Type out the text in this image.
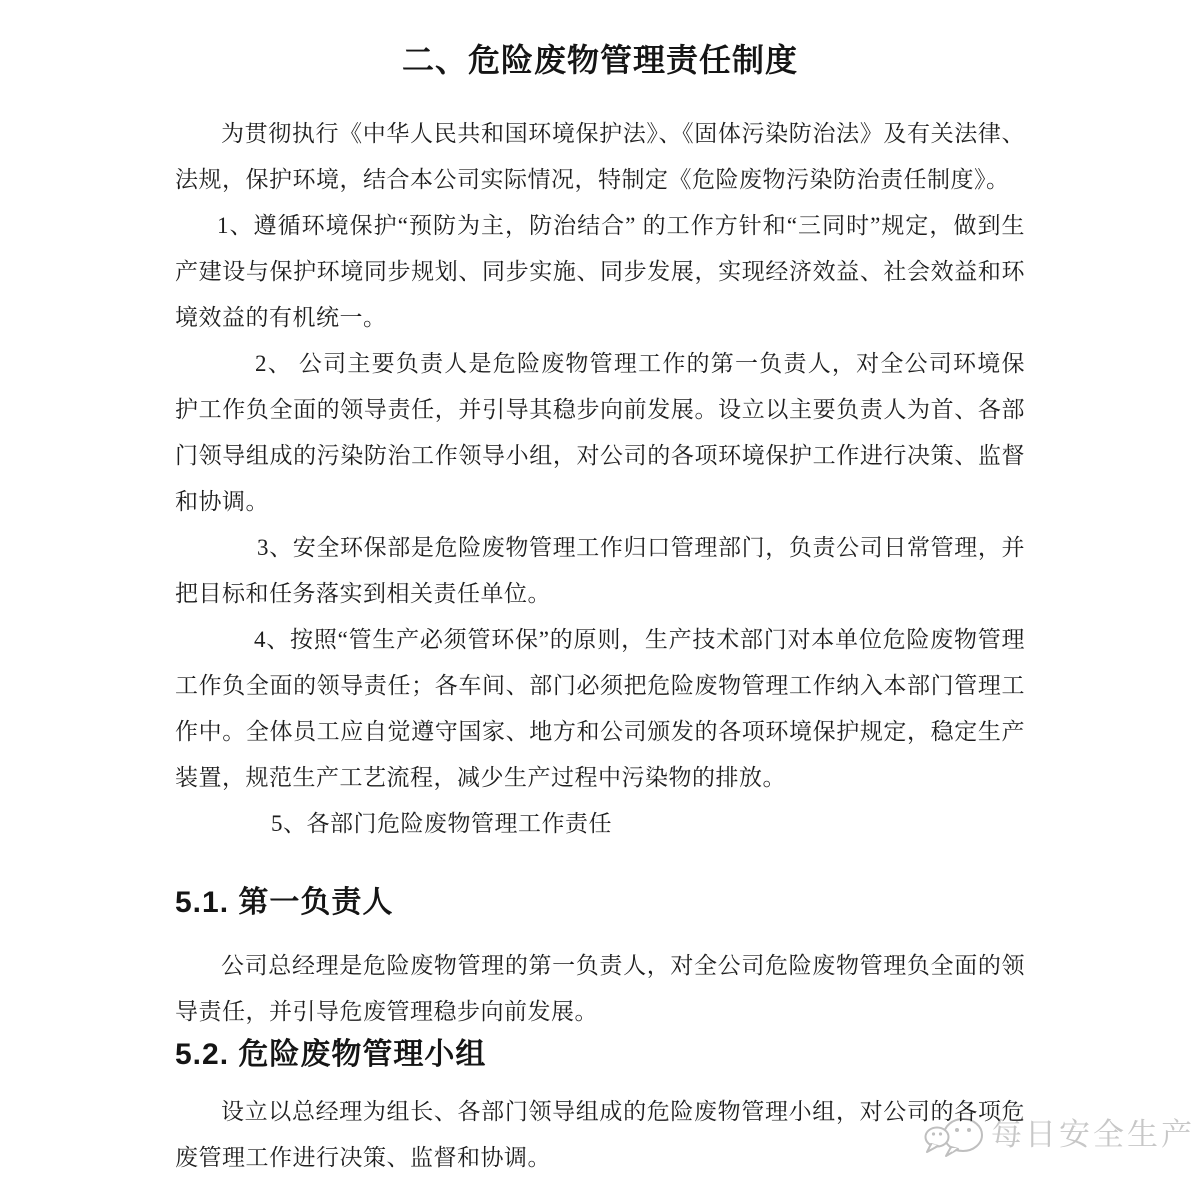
每日安全生产
二、危险废物管理责任制度

为贯彻执行《中华人民共和国环境保护法》、《固体污染防治法》及有关法律、法规，保护环境，结合本公司实际情况，特制定《危险废物污染防治责任制度》。

1、遵循环境保护“预防为主，防治结合” 的工作方针和“三同时”规定，做到生产建设与保护环境同步规划、同步实施、同步发展，实现经济效益、社会效益和环境效益的有机统一。

2、 公司主要负责人是危险废物管理工作的第一负责人，对全公司环境保护工作负全面的领导责任，并引导其稳步向前发展。设立以主要负责人为首、各部门领导组成的污染防治工作领导小组，对公司的各项环境保护工作进行决策、监督和协调。

3、安全环保部是危险废物管理工作归口管理部门，负责公司日常管理，并把目标和任务落实到相关责任单位。

4、按照“管生产必须管环保”的原则，生产技术部门对本单位危险废物管理工作负全面的领导责任；各车间、部门必须把危险废物管理工作纳入本部门管理工作中。全体员工应自觉遵守国家、地方和公司颁发的各项环境保护规定，稳定生产装置，规范生产工艺流程，减少生产过程中污染物的排放。

5、各部门危险废物管理工作责任

5.1. 第一负责人

公司总经理是危险废物管理的第一负责人，对全公司危险废物管理负全面的领导责任，并引导危废管理稳步向前发展。

5.2. 危险废物管理小组

设立以总经理为组长、各部门领导组成的危险废物管理小组，对公司的各项危废管理工作进行决策、监督和协调。
